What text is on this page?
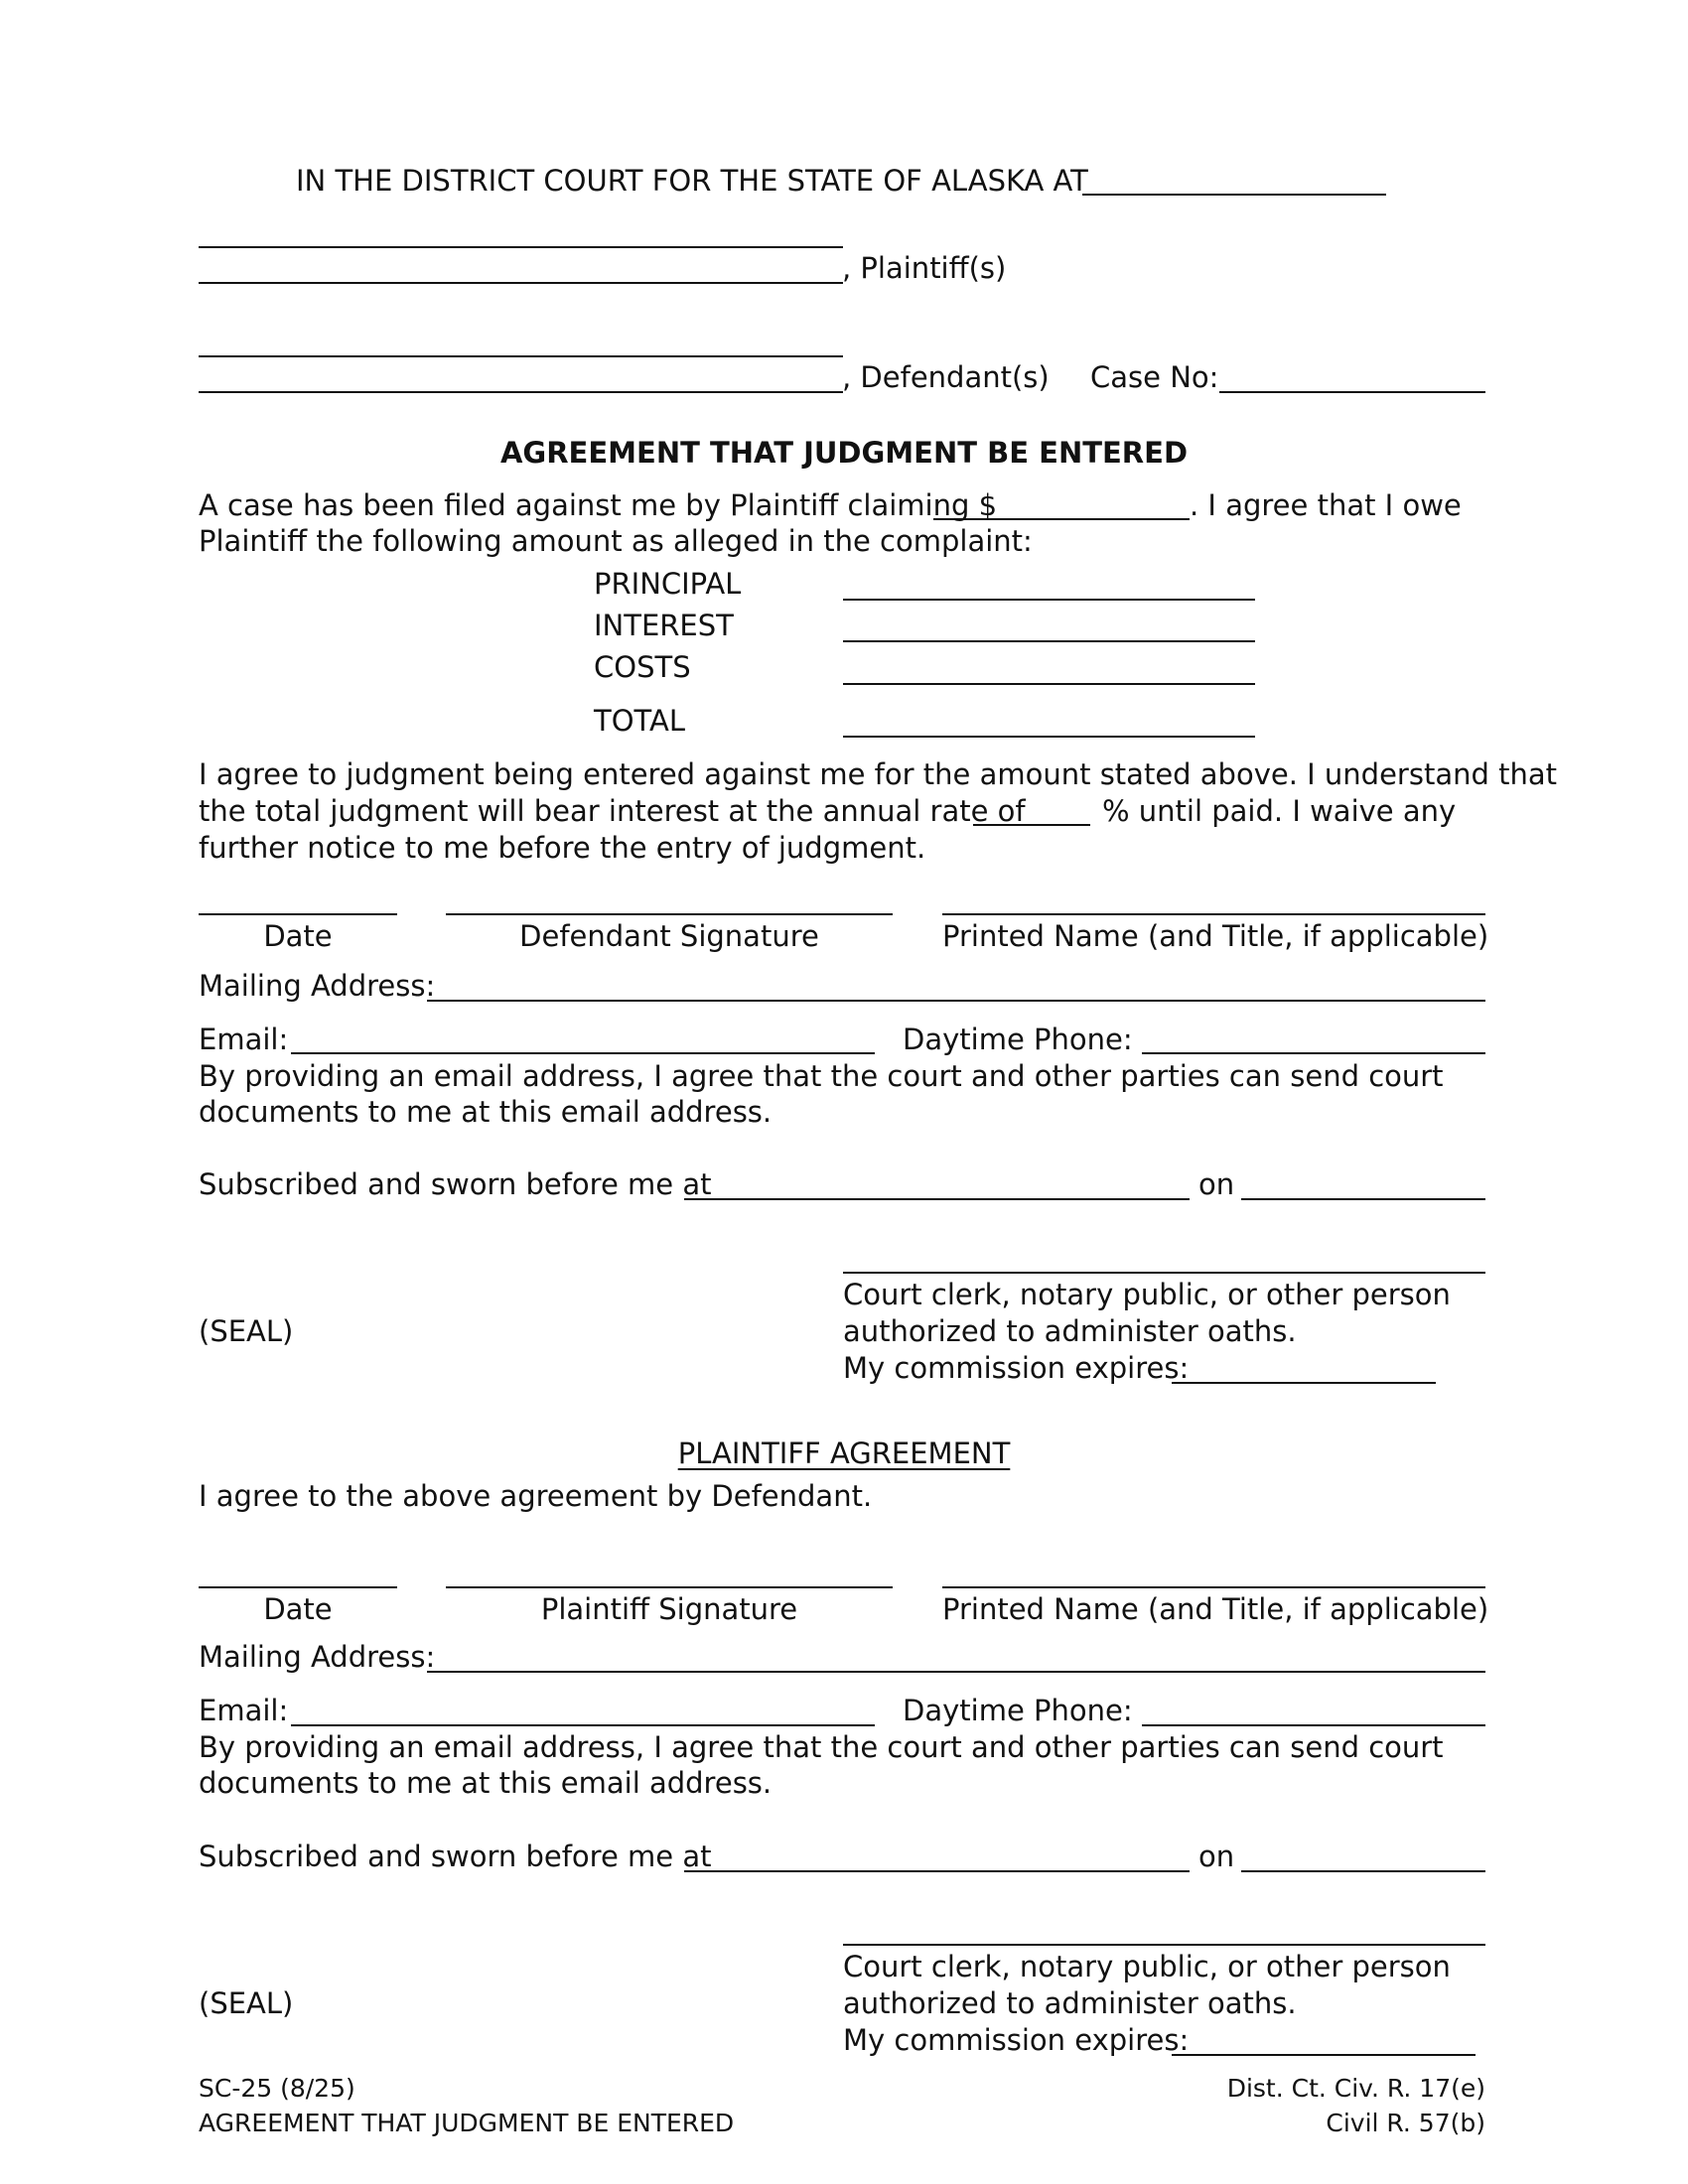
IN THE DISTRICT COURT FOR THE STATE OF ALASKA AT
, Plaintiff(s)
, Defendant(s) Case No:
AGREEMENT THAT JUDGMENT BE ENTERED
A case has been filed against me by Plaintiff claiming $	. I agree that I owe
Plaintiff the following amount as alleged in the complaint:
PRINCIPAL
INTEREST
COSTS
TOTAL
I agree to judgment being entered against me for the amount stated above. I understand that
the total judgment will bear interest at the annual rate of	% until paid. I waive any
further notice to me before the entry of judgment.
Date	Defendant Signature	Printed Name (and Title, if applicable)
Mailing Address:
Email:	Daytime Phone:
By providing an email address, I agree that the court and other parties can send court
documents to me at this email address.
Subscribed and sworn before me at	on
Court clerk, notary public, or other person
(SEAL)	authorized to administer oaths.
My commission expires:
PLAINTIFF AGREEMENT
I agree to the above agreement by Defendant.
Date	Plaintiff Signature	Printed Name (and Title, if applicable)
Mailing Address:
Email:	Daytime Phone:
By providing an email address, I agree that the court and other parties can send court
documents to me at this email address.
Subscribed and sworn before me at	on
Court clerk, notary public, or other person
(SEAL)	authorized to administer oaths.
My commission expires:
SC-25 (8/25)
AGREEMENT THAT JUDGMENT BE ENTERED
Dist. Ct. Civ. R. 17(e)
Civil R. 57(b)
